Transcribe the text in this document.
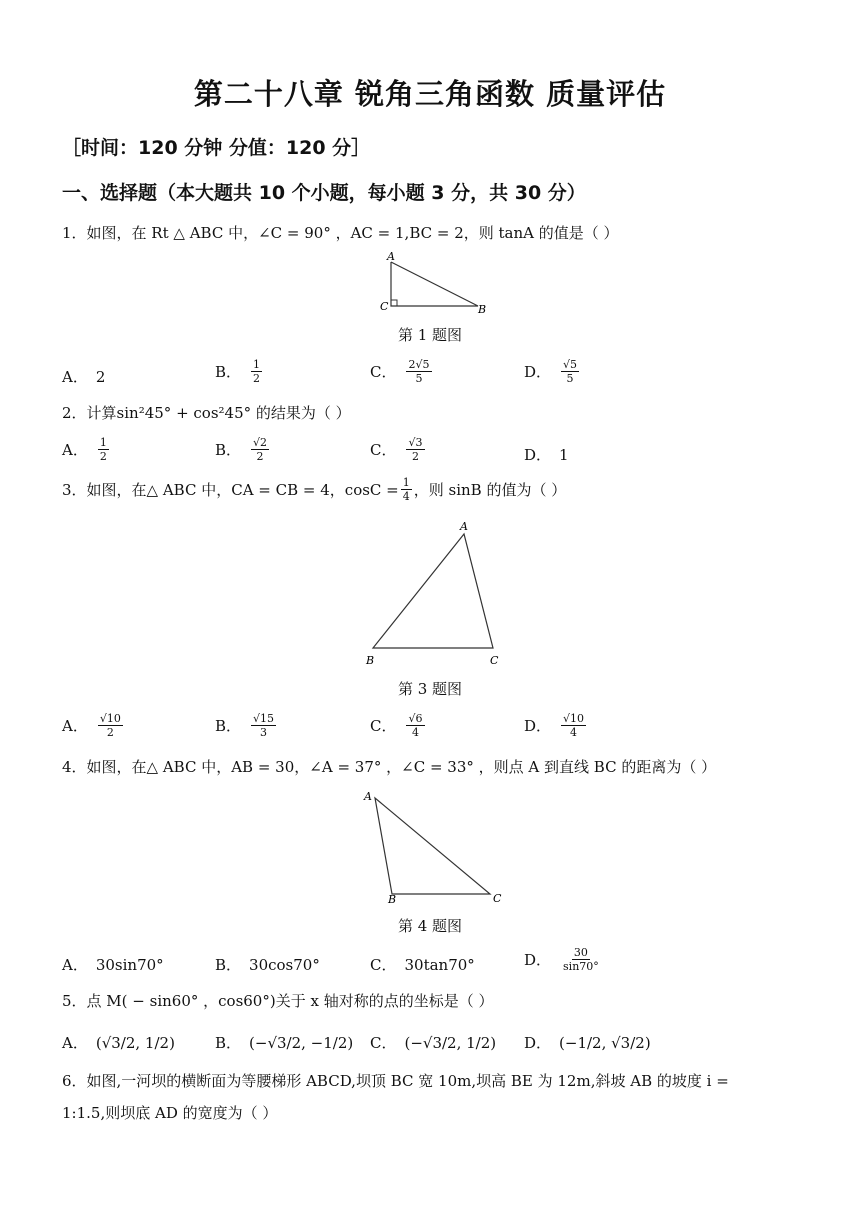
第二十八章 锐角三角函数 质量评估
［时间：120 分钟 分值：120 分］
一、选择题（本大题共 10 个小题，每小题 3 分，共 30 分）
1．如图，在 Rt △ ABC 中，∠C = 90° ，AC = 1,BC = 2，则 tanA 的值是（ ）
A
C	B
第 1 题图
A． 2	B． $\frac{1}{2}$	C． $\frac{2√5}{5}$	D． $\frac{√5}{5}$
2．计算sin²45° + cos²45° 的结果为（ ）
A． $\frac{1}{2}$	B． $\frac{√2}{2}$	C． $\frac{√3}{2}$	D． 1
3．如图，在△ ABC 中，CA = CB = 4，$\cos C = \frac{1}{4}$ ，则 sinB 的值为（ ）
A
B	C
第 3 题图
A． $\frac{√10}{2}$	B． $\frac{√15}{3}$	C． $\frac{√6}{4}$	D． $\frac{√10}{4}$
4．如图，在△ ABC 中，AB = 30，∠A = 37° ，∠C = 33° ，则点 A 到直线 BC 的距离为（ ）
A
B	C
第 4 题图
A． 30sin70°	B． 30cos70°	C． 30tan70°	D． $\frac{30}{\sin 70^\circ}$
5．点 M( − sin60° ，cos60°)关于 x 轴对称的点的坐标是（ ）
A． (√3/2, 1/2)	B． (−√3/2, −1/2) C． (−√3/2, 1/2) D． (−1/2, √3/2)
6．如图,一河坝的横断面为等腰梯形 ABCD,坝顶 BC 宽 10m,坝高 BE 为 12m,斜坡 AB 的坡度 i =
1:1.5,则坝底 AD 的宽度为（ ）
